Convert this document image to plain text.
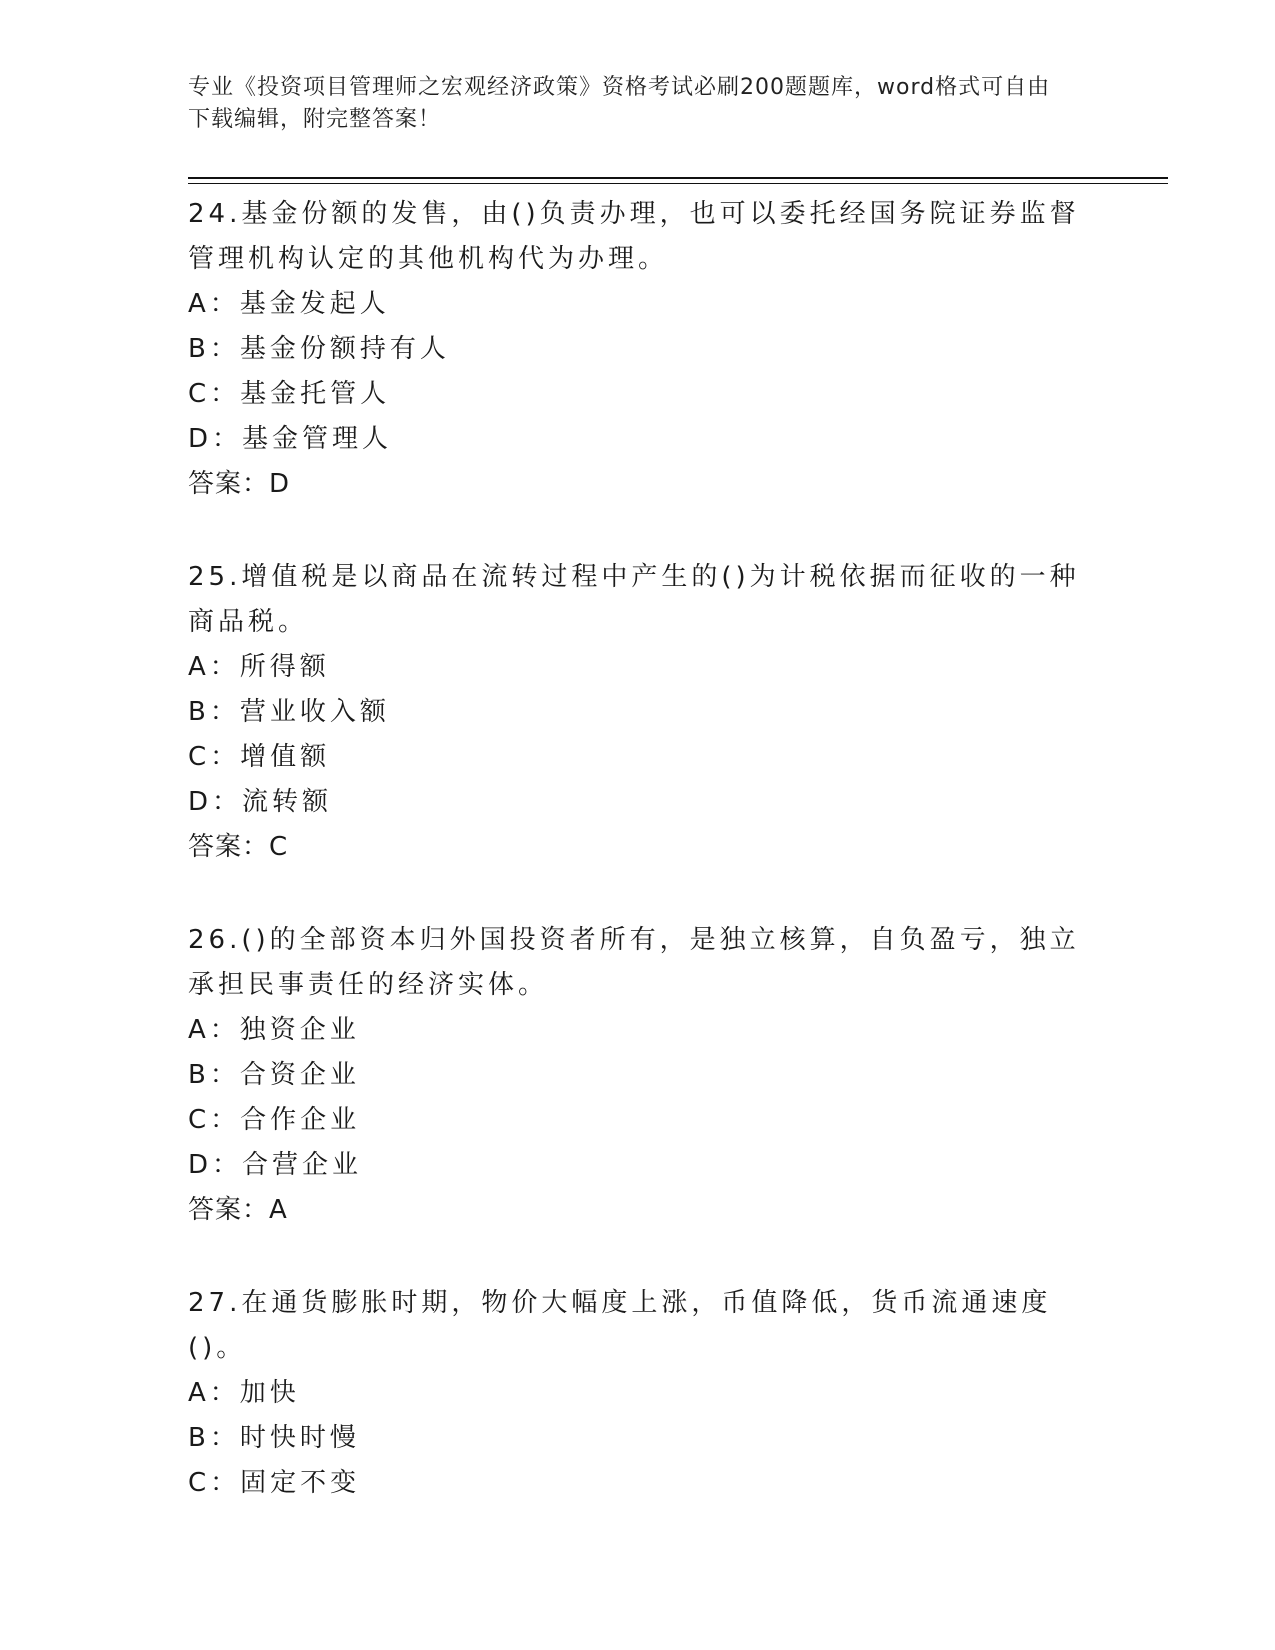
专业《投资项目管理师之宏观经济政策》资格考试必刷200题题库，word格式可自由下载编辑，附完整答案！

24.基金份额的发售，由()负责办理，也可以委托经国务院证券监督管理机构认定的其他机构代为办理。

A：基金发起人

B：基金份额持有人

C：基金托管人

D：基金管理人

答案：D

25.增值税是以商品在流转过程中产生的()为计税依据而征收的一种商品税。

A：所得额

B：营业收入额

C：增值额

D：流转额

答案：C

26.()的全部资本归外国投资者所有，是独立核算，自负盈亏，独立承担民事责任的经济实体。

A：独资企业

B：合资企业

C：合作企业

D：合营企业

答案：A

27.在通货膨胀时期，物价大幅度上涨，币值降低，货币流通速度()。

A：加快

B：时快时慢

C：固定不变
